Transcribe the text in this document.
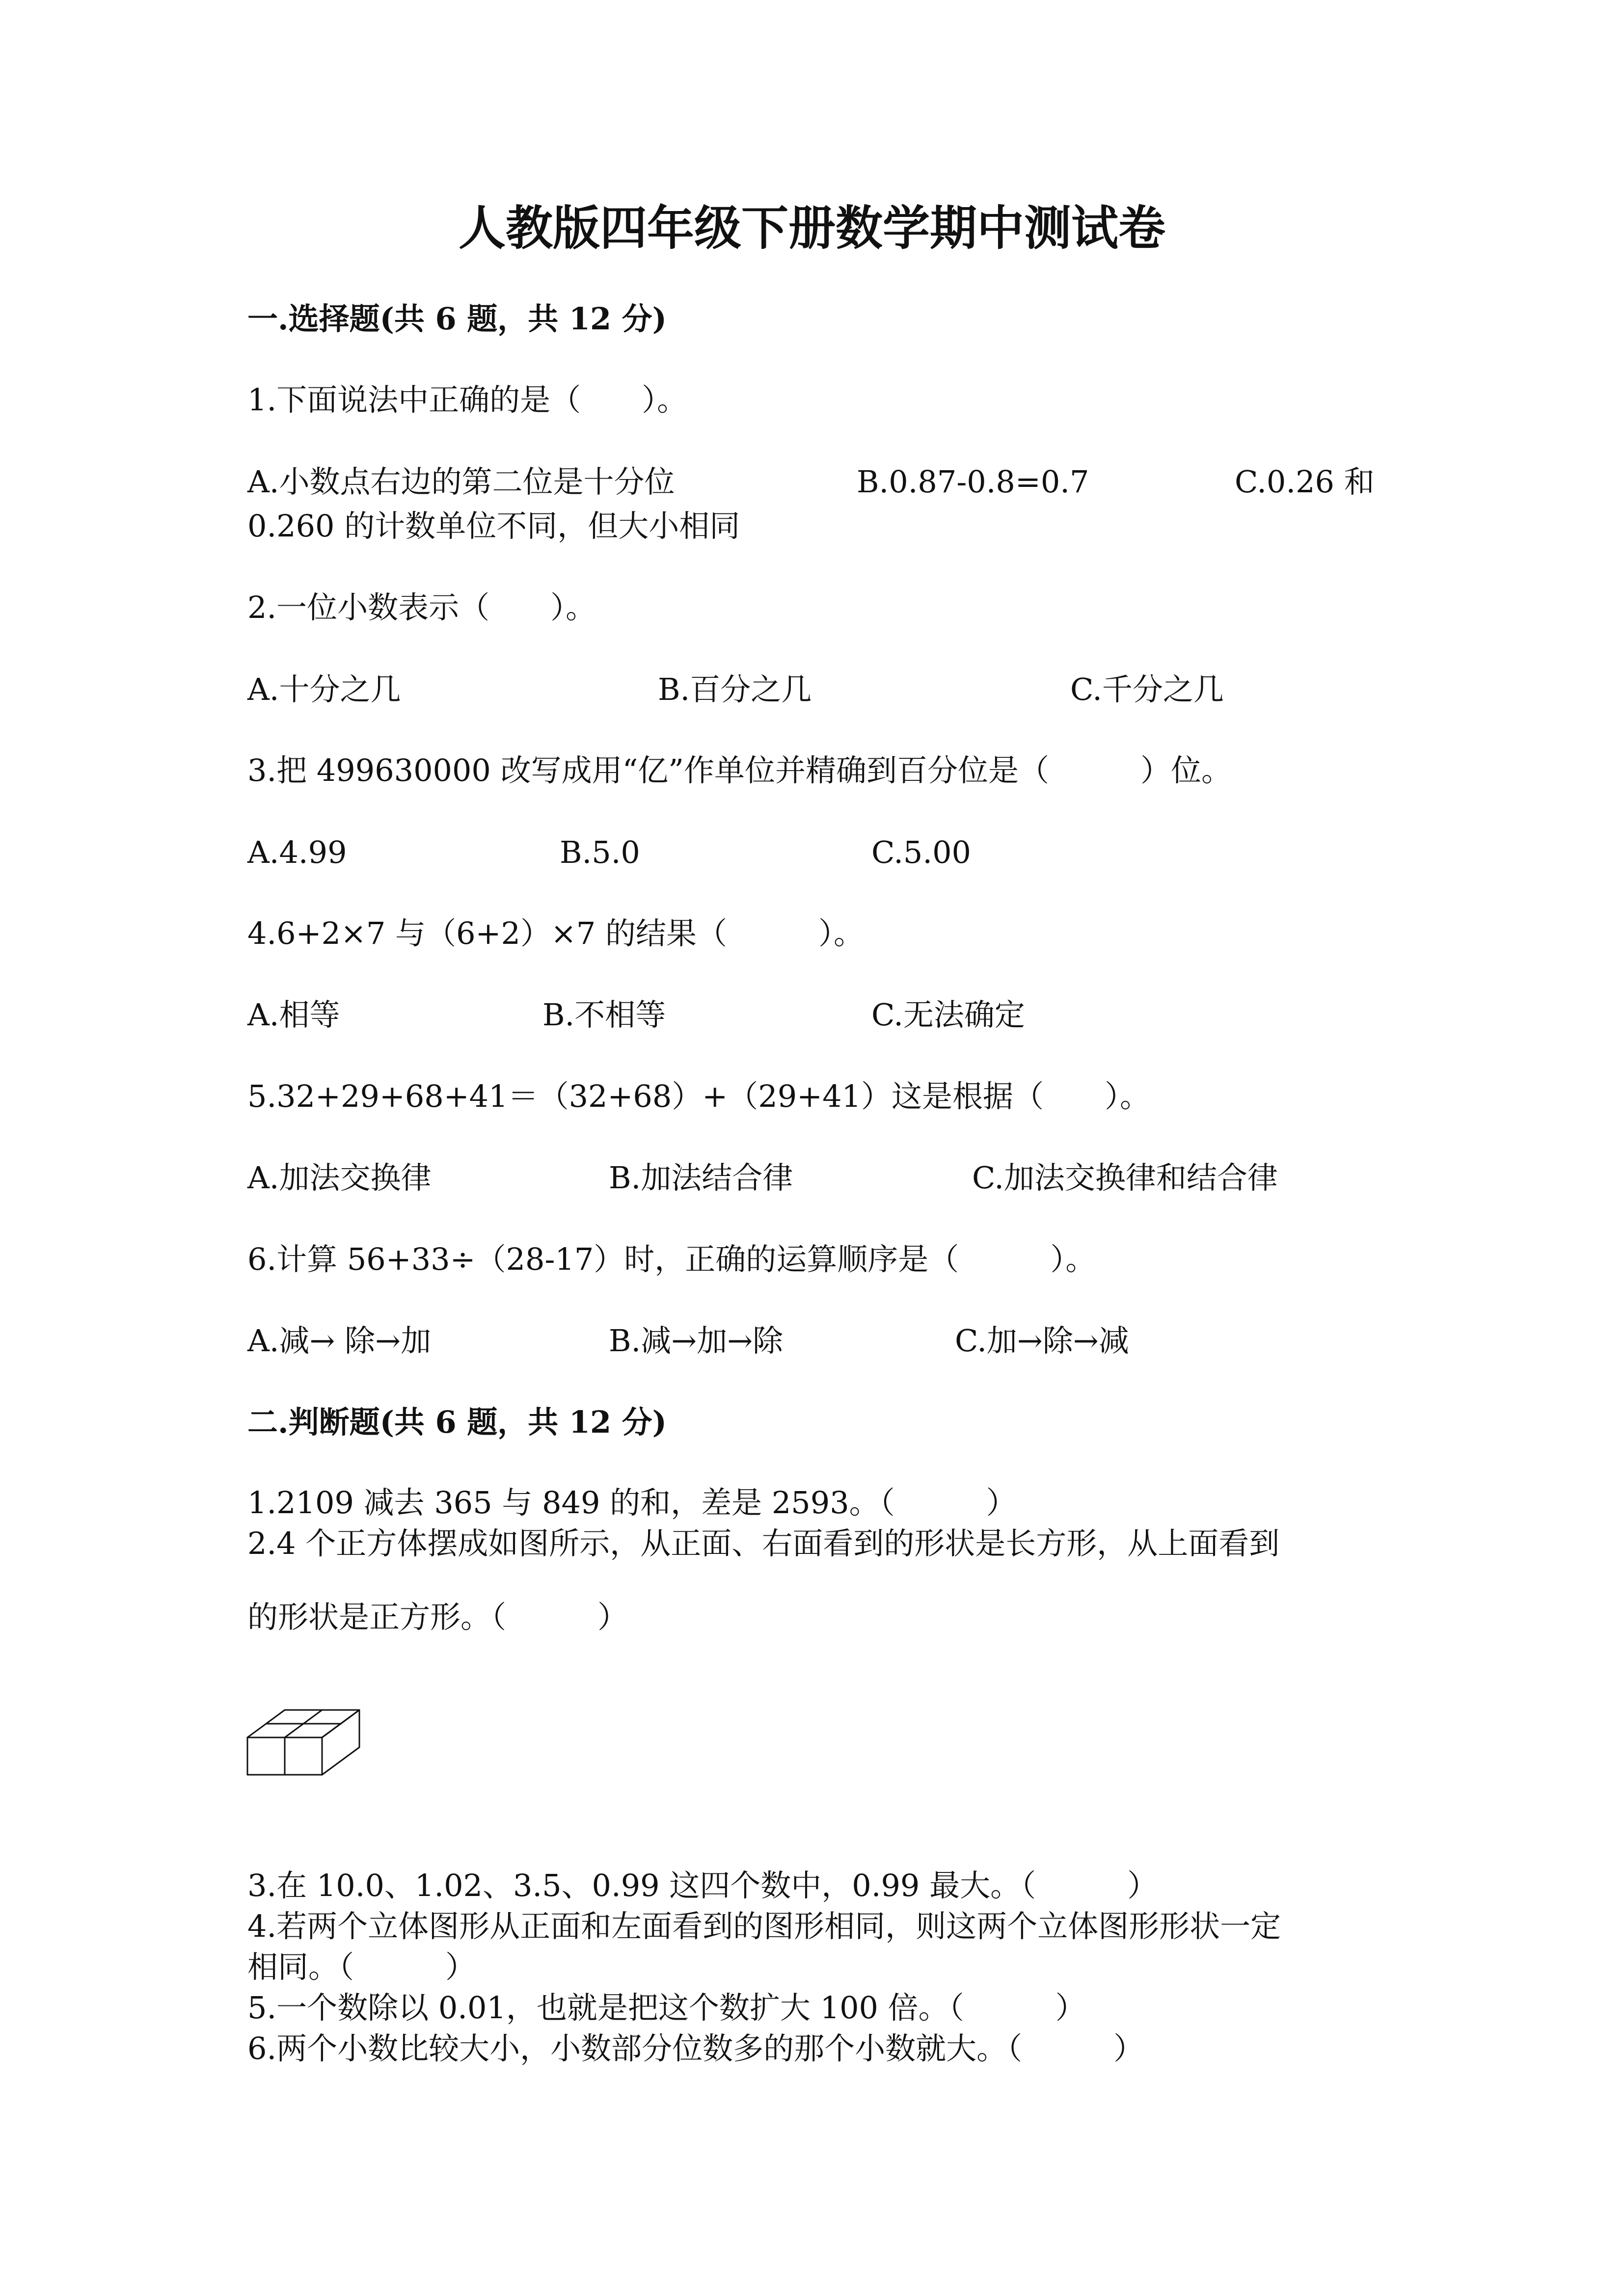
人教版四年级下册数学期中测试卷
一.选择题(共 6 题，共 12 分)
1.下面说法中正确的是（　　）。
A.小数点右边的第二位是十分位	B.0.87-0.8=0.7	C.0.26 和
0.260 的计数单位不同，但大小相同
2.一位小数表示（　　）。
A.十分之几	B.百分之几	C.千分之几
3.把 499630000 改写成用“亿”作单位并精确到百分位是（　　　）位。
A.4.99	B.5.0	C.5.00
4.6+2×7 与（6+2）×7 的结果（　　　）。
A.相等	B.不相等	C.无法确定
5.32+29+68+41＝（32+68）+（29+41）这是根据（　　）。
A.加法交换律	B.加法结合律	C.加法交换律和结合律
6.计算 56+33÷（28-17）时，正确的运算顺序是（　　　）。
A.减→ 除→加	B.减→加→除	C.加→除→减
二.判断题(共 6 题，共 12 分)
1.2109 减去 365 与 849 的和，差是 2593。（　　　）
2.4 个正方体摆成如图所示，从正面、右面看到的形状是长方形，从上面看到
的形状是正方形。（　　　）
3.在 10.0、1.02、3.5、0.99 这四个数中，0.99 最大。（　　　）
4.若两个立体图形从正面和左面看到的图形相同，则这两个立体图形形状一定
相同。（　　　）
5.一个数除以 0.01，也就是把这个数扩大 100 倍。（　　　）
6.两个小数比较大小，小数部分位数多的那个小数就大。（　　　）
